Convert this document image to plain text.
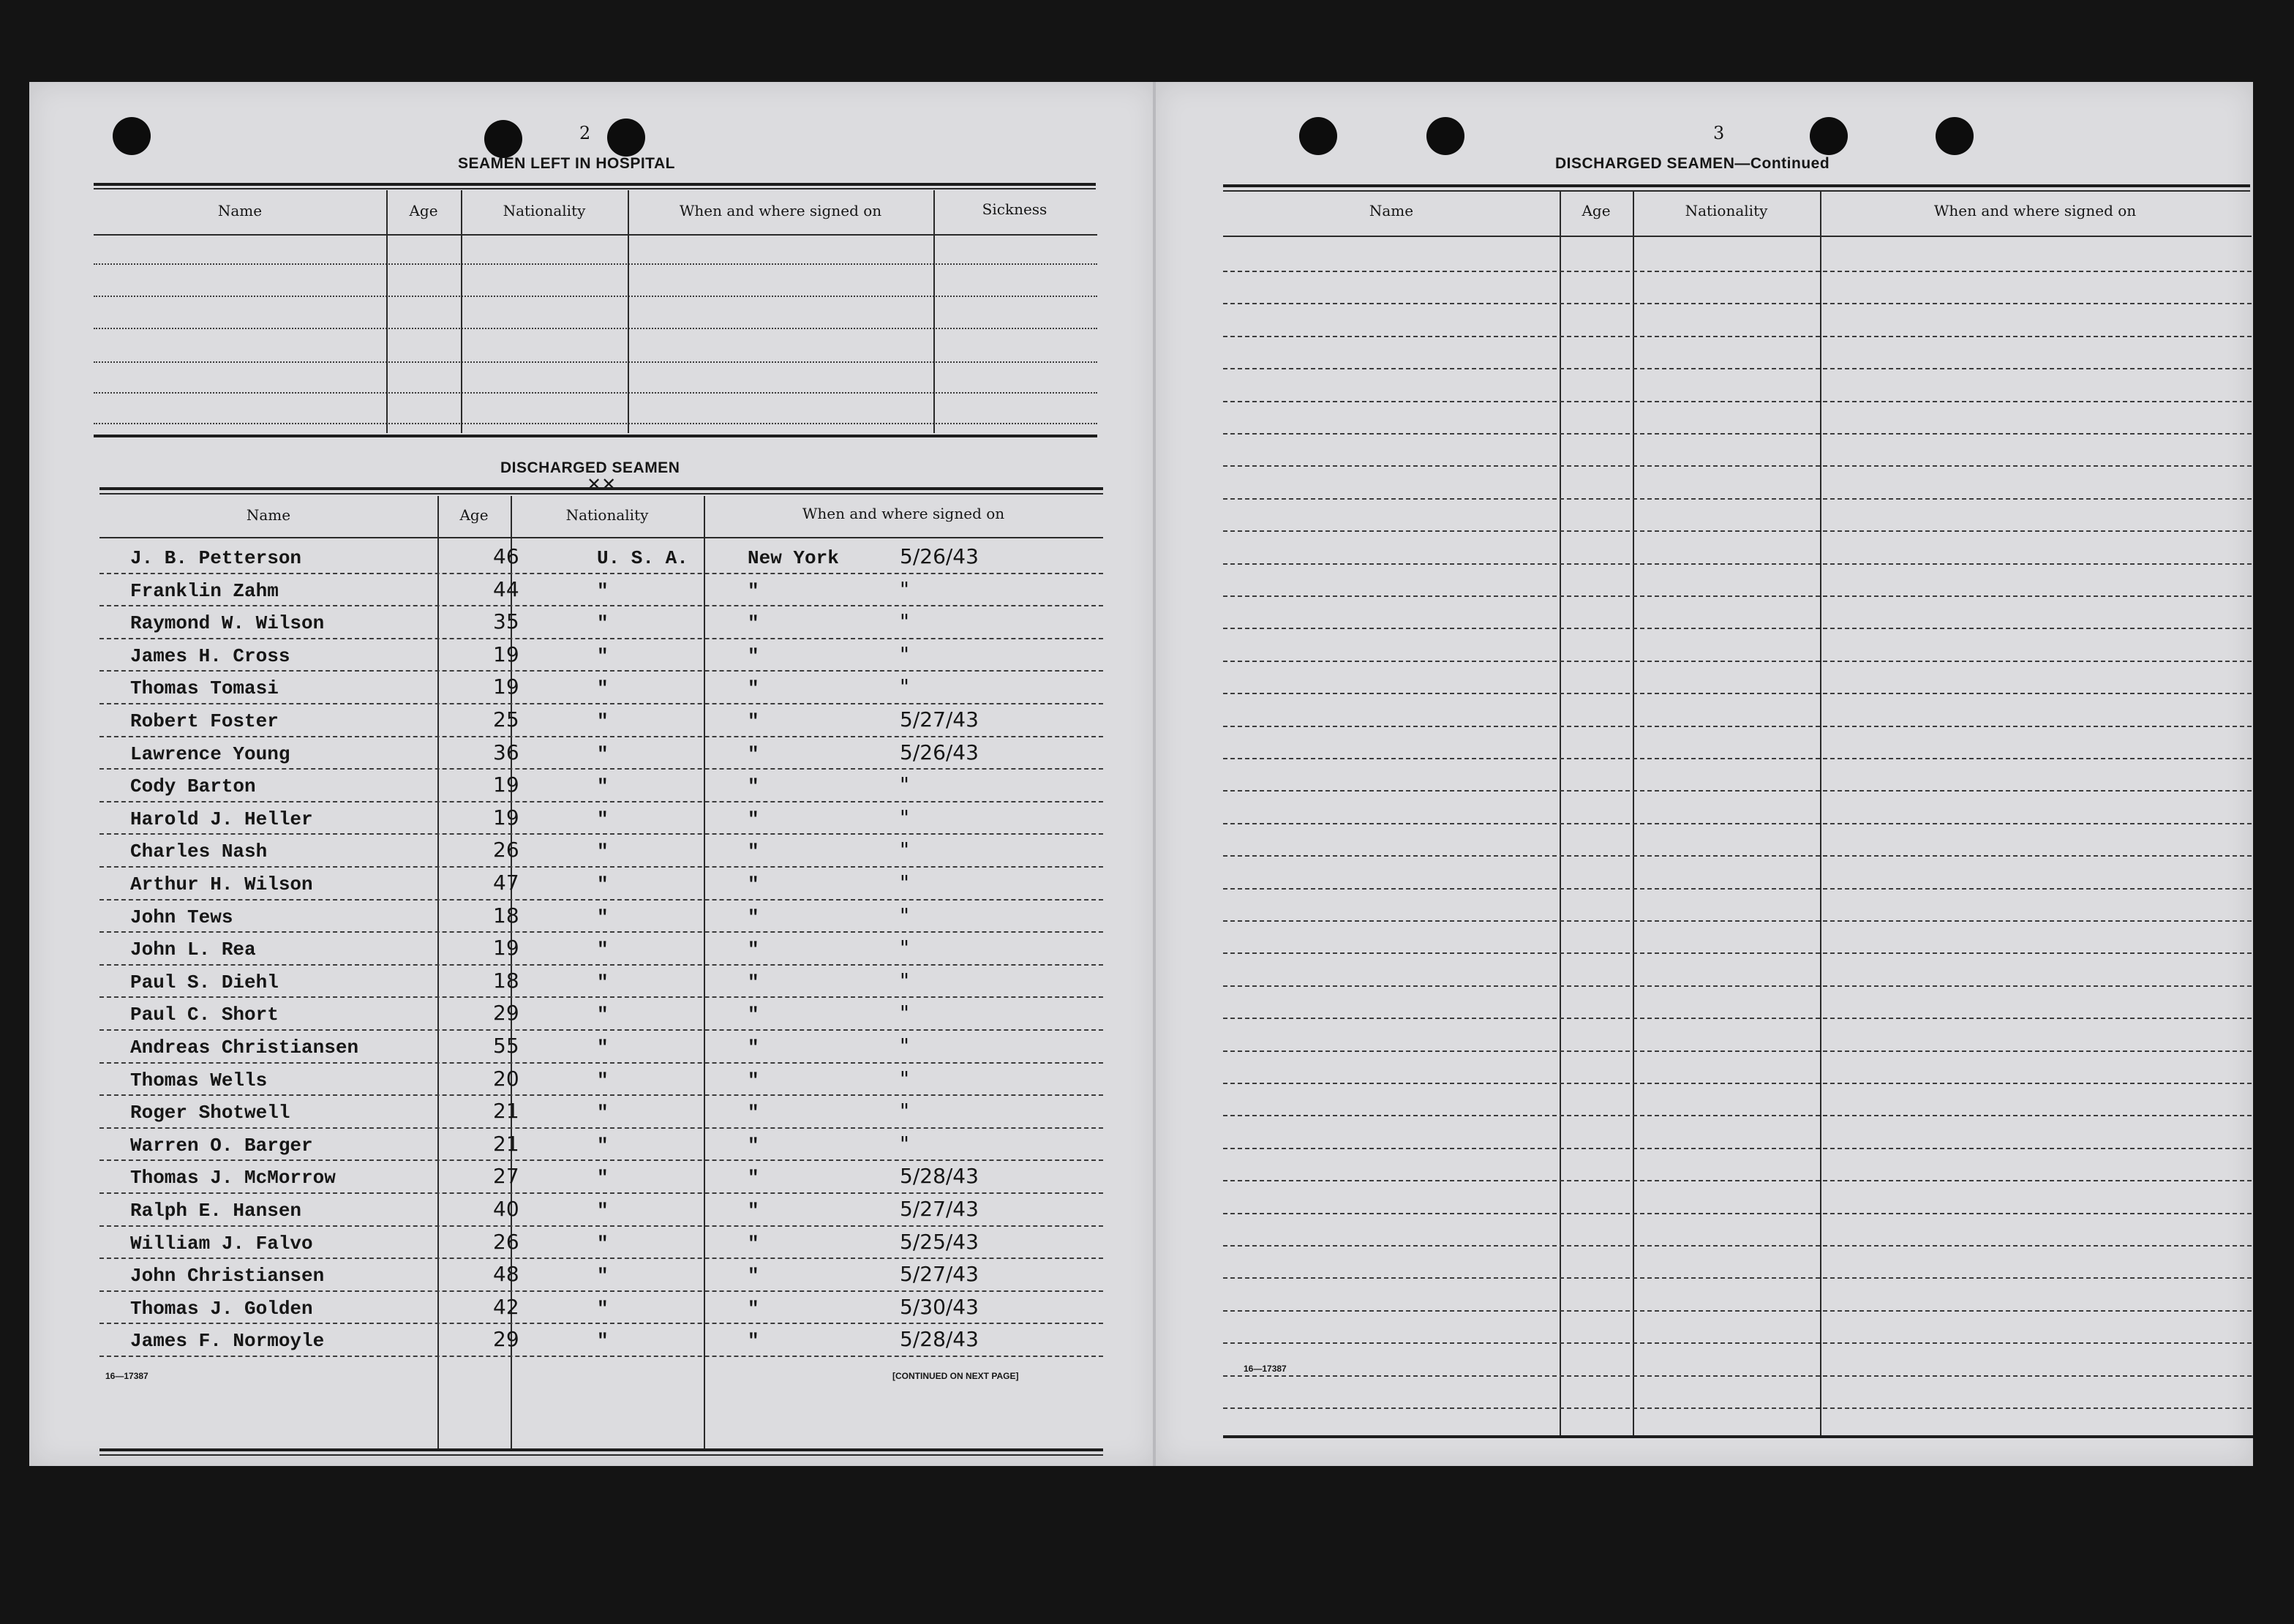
2
SEAMEN LEFT IN HOSPITAL
Name	Age	Nationality	When and where signed on	Sickness
DISCHARGED SEAMEN
✕✕
Name	Age	Nationality	When and where signed on
J. B. Petterson	46	U. S. A.	New York	5/26/43
Franklin Zahm	44	"	"	"
Raymond W. Wilson	35	"	"	"
James H. Cross	19	"	"	"
Thomas Tomasi	19	"	"	"
Robert Foster	25	"	"	5/27/43
Lawrence Young	36	"	"	5/26/43
Cody Barton	19	"	"	"
Harold J. Heller	19	"	"	"
Charles Nash	26	"	"	"
Arthur H. Wilson	47	"	"	"
John Tews	18	"	"	"
John L. Rea	19	"	"	"
Paul S. Diehl	18	"	"	"
Paul C. Short	29	"	"	"
Andreas Christiansen	55	"	"	"
Thomas Wells	20	"	"	"
Roger Shotwell	21	"	"	"
Warren O. Barger	21	"	"	"
Thomas J. McMorrow	27	"	"	5/28/43
Ralph E. Hansen	40	"	"	5/27/43
William J. Falvo	26	"	"	5/25/43
John Christiansen	48	"	"	5/27/43
Thomas J. Golden	42	"	"	5/30/43
James F. Normoyle	29	"	"	5/28/43
16—17387	[CONTINUED ON NEXT PAGE]
3
DISCHARGED SEAMEN—Continued
Name	Age	Nationality	When and where signed on
16—17387
